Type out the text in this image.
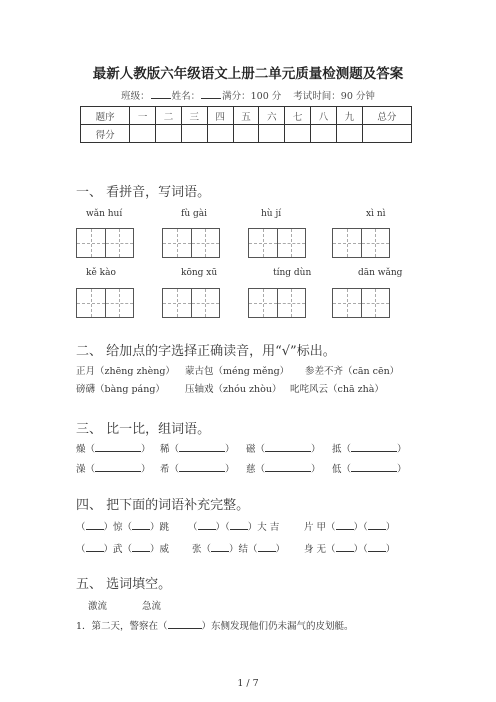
最新人教版六年级语文上册二单元质量检测题及答案
班级： 姓名： 满分：100 分 考试时间：90 分钟
题序	一	二	三	四	五	六	七	八	九	总分
得分										
一、 看拼音，写词语。
wǎn huí	fù gài	hù jí	xì nì
kě kào	kōng xū	tíng dùn	dān wǎng
二、 给加点的字选择正确读音，用“√”标出。
正月（zhēng zhèng） 蒙古包（méng měng） 参差不齐（cān cēn）
磅礴（bàng páng） 压轴戏（zhóu zhòu） 叱咤风云（chā zhà）
三、 比一比，组词语。
燥（	） 稀（	） 磁（	） 抵（	）
澡（	） 希（	） 慈（	） 低（	）
四、 把下面的词语补充完整。
（ ）惊（ ）跳 （ ）（ ）大 吉	片 甲（ ）（ ）
（ ）武（ ）威 张（ ）结（ ） 身 无（ ）（ ）
五、 选词填空。
激流	急流
1．第二天，警察在（	）东侧发现他们仍未漏气的皮划艇。
1 / 7
